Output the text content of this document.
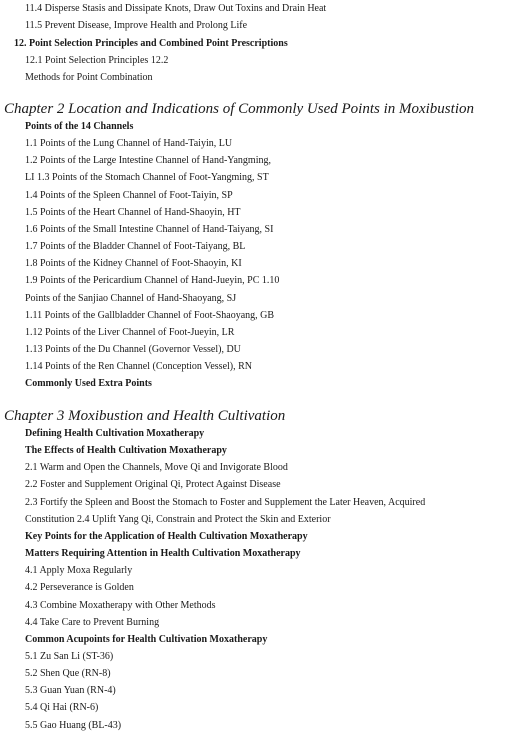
11.4 Disperse Stasis and Dissipate Knots, Draw Out Toxins and Drain Heat
11.5 Prevent Disease, Improve Health and Prolong Life
12. Point Selection Principles and Combined Point Prescriptions
12.1 Point Selection Principles 12.2
Methods for Point Combination
Chapter 2 Location and Indications of Commonly Used Points in Moxibustion
Points of the 14 Channels
1.1 Points of the Lung Channel of Hand-Taiyin, LU
1.2 Points of the Large Intestine Channel of Hand-Yangming,
LI 1.3 Points of the Stomach Channel of Foot-Yangming, ST
1.4 Points of the Spleen Channel of Foot-Taiyin, SP
1.5 Points of the Heart Channel of Hand-Shaoyin, HT
1.6 Points of the Small Intestine Channel of Hand-Taiyang, SI
1.7 Points of the Bladder Channel of Foot-Taiyang, BL
1.8 Points of the Kidney Channel of Foot-Shaoyin, KI
1.9 Points of the Pericardium Channel of Hand-Jueyin, PC 1.10
Points of the Sanjiao Channel of Hand-Shaoyang, SJ
1.11 Points of the Gallbladder Channel of Foot-Shaoyang, GB
1.12 Points of the Liver Channel of Foot-Jueyin, LR
1.13 Points of the Du Channel (Governor Vessel), DU
1.14 Points of the Ren Channel (Conception Vessel), RN
Commonly Used Extra Points
Chapter 3 Moxibustion and Health Cultivation
Defining Health Cultivation Moxatherapy
The Effects of Health Cultivation Moxatherapy
2.1 Warm and Open the Channels, Move Qi and Invigorate Blood
2.2 Foster and Supplement Original Qi, Protect Against Disease
2.3 Fortify the Spleen and Boost the Stomach to Foster and Supplement the Later Heaven, Acquired
Constitution 2.4 Uplift Yang Qi, Constrain and Protect the Skin and Exterior
Key Points for the Application of Health Cultivation Moxatherapy
Matters Requiring Attention in Health Cultivation Moxatherapy
4.1 Apply Moxa Regularly
4.2 Perseverance is Golden
4.3 Combine Moxatherapy with Other Methods
4.4 Take Care to Prevent Burning
Common Acupoints for Health Cultivation Moxatherapy
5.1 Zu San Li (ST-36)
5.2 Shen Que (RN-8)
5.3 Guan Yuan (RN-4)
5.4 Qi Hai (RN-6)
5.5 Gao Huang (BL-43)
